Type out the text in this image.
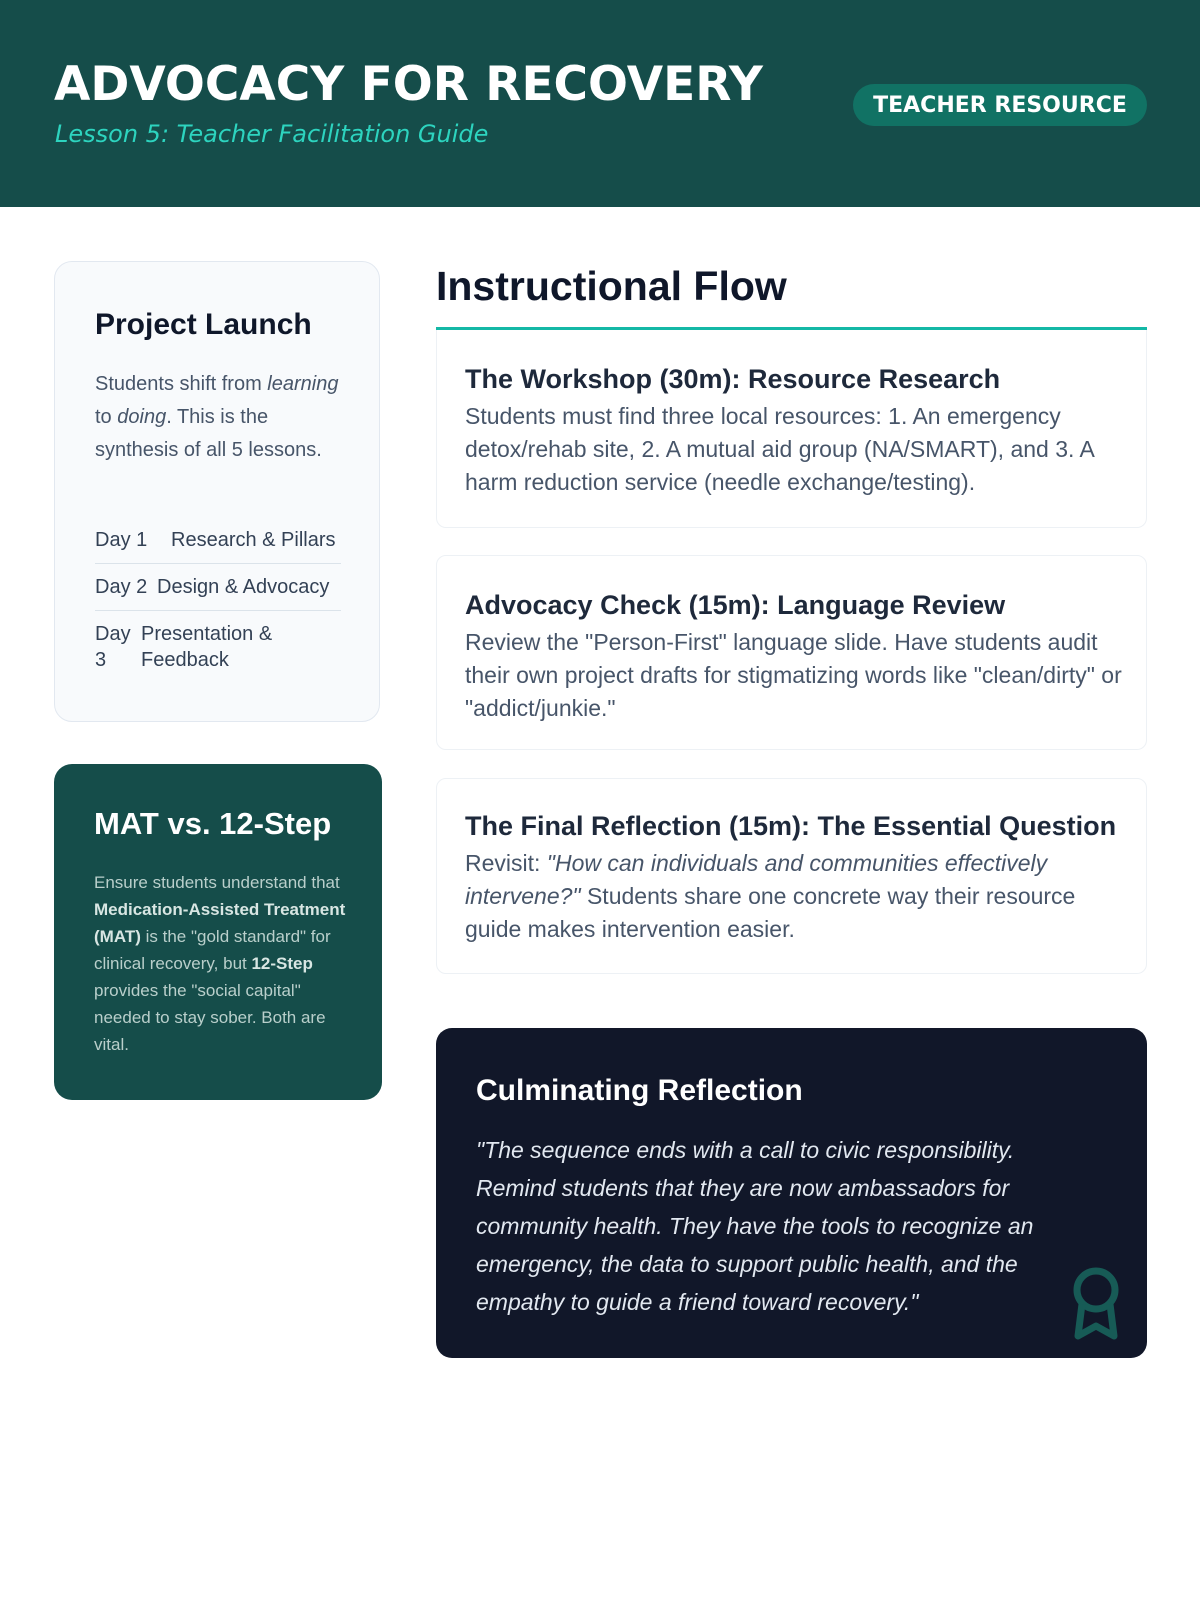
ADVOCACY FOR RECOVERY
Lesson 5: Teacher Facilitation Guide
TEACHER RESOURCE
Project Launch

Students shift from learning to doing. This is the synthesis of all 5 lessons.

Day 1	Research & Pillars
Day 2 Design & Advocacy
Day 3
Presentation & Feedback
MAT vs. 12-Step

Ensure students understand that Medication-Assisted Treatment (MAT) is the "gold standard" for clinical recovery, but 12-Step provides the "social capital" needed to stay sober. Both are vital.

Instructional Flow
The Workshop (30m): Resource Research

Students must find three local resources: 1. An emergency detox/rehab site, 2. A mutual aid group (NA/SMART), and 3. A harm reduction service (needle exchange/testing).

Advocacy Check (15m): Language Review

Review the "Person-First" language slide. Have students audit their own project drafts for stigmatizing words like "clean/dirty" or "addict/junkie."

The Final Reflection (15m): The Essential Question

Revisit: "How can individuals and communities effectively intervene?" Students share one concrete way their resource guide makes intervention easier.

Culminating Reflection

"The sequence ends with a call to civic responsibility. Remind students that they are now ambassadors for community health. They have the tools to recognize an emergency, the data to support public health, and the empathy to guide a friend toward recovery."
